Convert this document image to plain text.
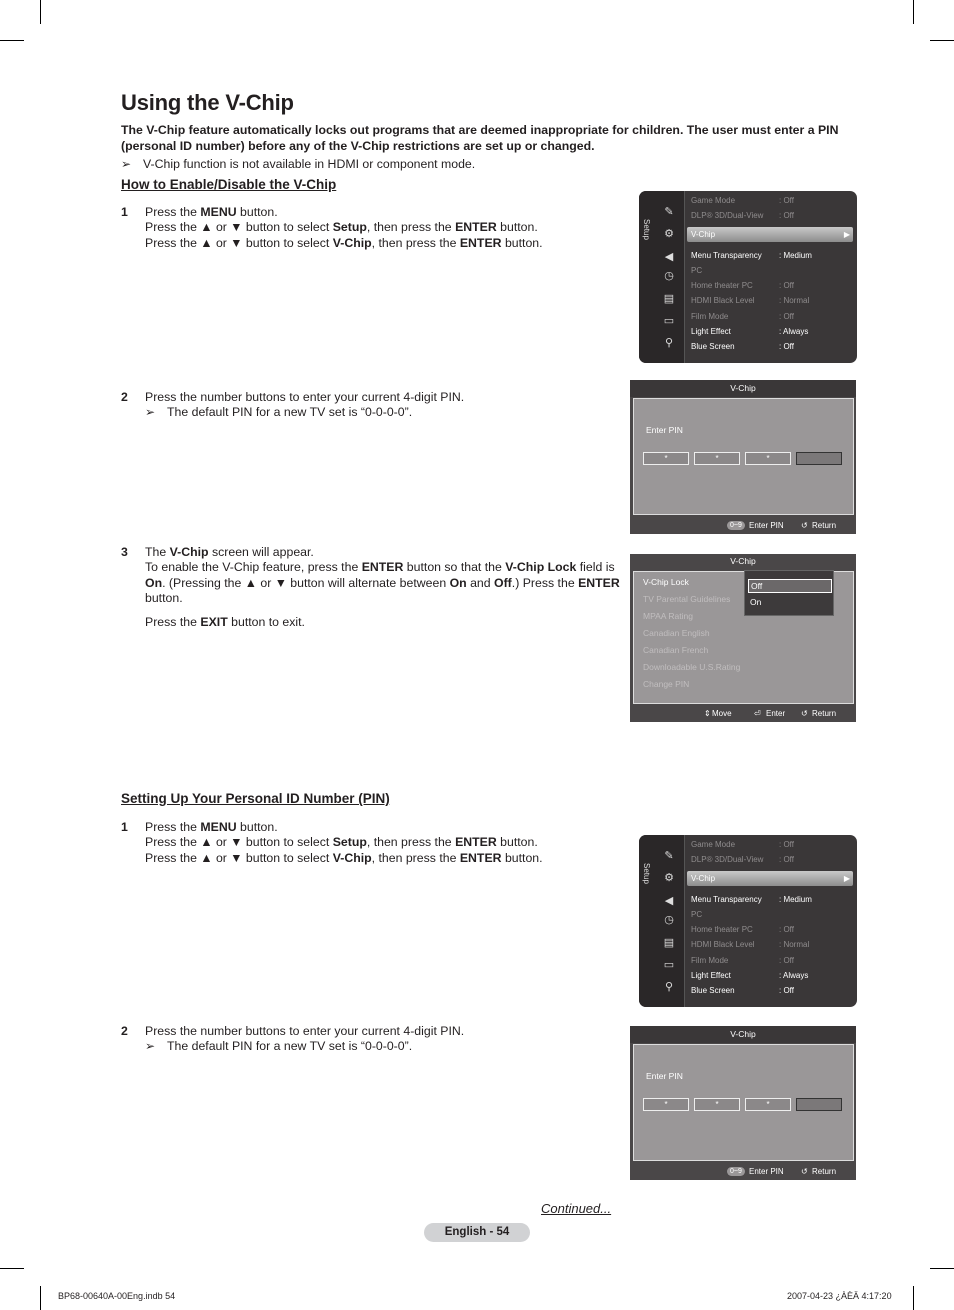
Using the V-Chip
The V-Chip feature automatically locks out programs that are deemed inappropriate for children. The user must enter a PIN (personal ID number) before any of the V-Chip restrictions are set up or changed.
➢ V-Chip function is not available in HDMI or component mode.
How to Enable/Disable the V-Chip
1 Press the MENU button.

Press the ▲ or ▼ button to select Setup, then press the ENTER button.

Press the ▲ or ▼ button to select V-Chip, then press the ENTER button.

2 Press the number buttons to enter your current 4-digit PIN.

➢ The default PIN for a new TV set is “0-0-0-0”.

3 The V-Chip screen will appear.

To enable the V-Chip feature, press the ENTER button so that the V-Chip Lock field is

On. (Pressing the ▲ or ▼ button will alternate between On and Off.) Press the ENTER

button.

Press the EXIT button to exit.

Setup
✎
⚙
◀
◷
▤
▭
⚲
Game Mode	: Off
DLP® 3D/Dual-View : Off
V-Chip	▶
Menu Transparency : Medium
PC
Home theater PC	: Off
HDMI Black Level	: Normal
Film Mode	: Off
Light Effect	: Always
Blue Screen	: Off
V-Chip
Enter PIN
*	*	*
0~9 Enter PIN ↺ Return
V-Chip
V-Chip Lock
TV Parental Guidelines
MPAA Rating
Canadian English
Canadian French
Downloadable U.S.Rating
Change PIN
Off
On
⇕ Move	⏎ Enter ↺ Return
Setting Up Your Personal ID Number (PIN)
1 Press the MENU button.

Press the ▲ or ▼ button to select Setup, then press the ENTER button.

Press the ▲ or ▼ button to select V-Chip, then press the ENTER button.

2 Press the number buttons to enter your current 4-digit PIN.

➢ The default PIN for a new TV set is “0-0-0-0”.

Setup
✎
⚙
◀
◷
▤
▭
⚲
Game Mode	: Off
DLP® 3D/Dual-View : Off
V-Chip	▶
Menu Transparency : Medium
PC
Home theater PC	: Off
HDMI Black Level	: Normal
Film Mode	: Off
Light Effect	: Always
Blue Screen	: Off
V-Chip
Enter PIN
*	*	*
0~9 Enter PIN ↺ Return
Continued...
English - 54
BP68-00640A-00Eng.indb 54	2007-04-23 ¿ÀÈÄ 4:17:20
